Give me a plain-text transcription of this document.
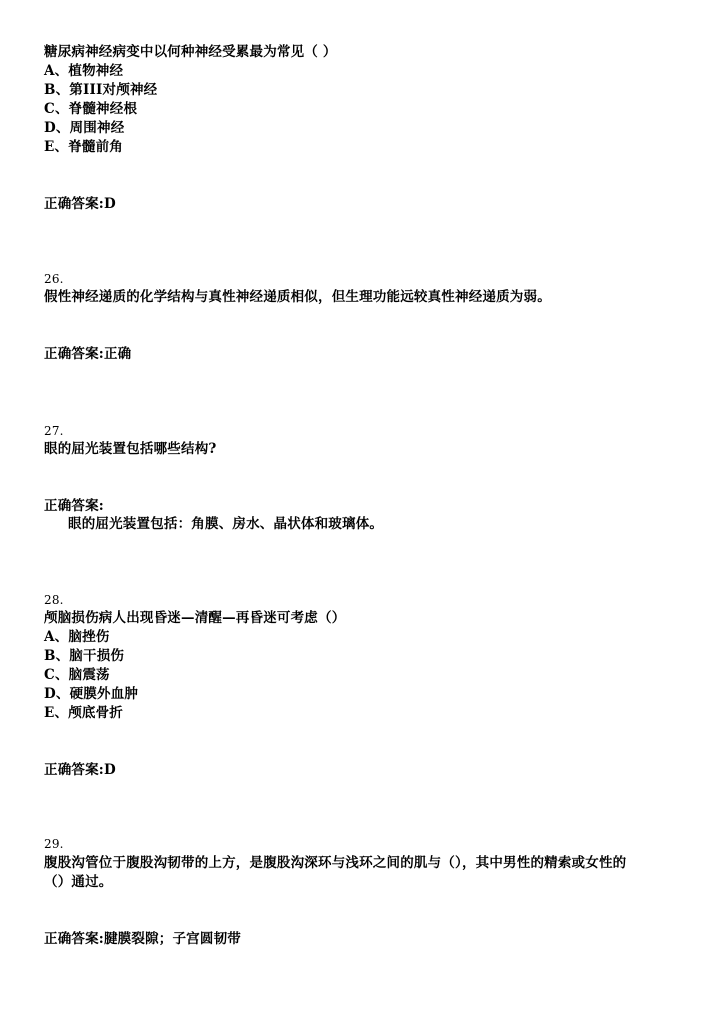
糖尿病神经病变中以何种神经受累最为常见（ ）
A、植物神经
B、第III对颅神经
C、脊髓神经根
D、周围神经
E、脊髓前角
正确答案:D
26.
假性神经递质的化学结构与真性神经递质相似，但生理功能远较真性神经递质为弱。
正确答案:正确
27.
眼的屈光装置包括哪些结构?
正确答案:
眼的屈光装置包括：角膜、房水、晶状体和玻璃体。
28.
颅脑损伤病人出现昏迷—清醒—再昏迷可考虑（）
A、脑挫伤
B、脑干损伤
C、脑震荡
D、硬膜外血肿
E、颅底骨折
正确答案:D
29.
腹股沟管位于腹股沟韧带的上方，是腹股沟深环与浅环之间的肌与（），其中男性的精索或女性的
（）通过。
正确答案:腱膜裂隙；子宫圆韧带
